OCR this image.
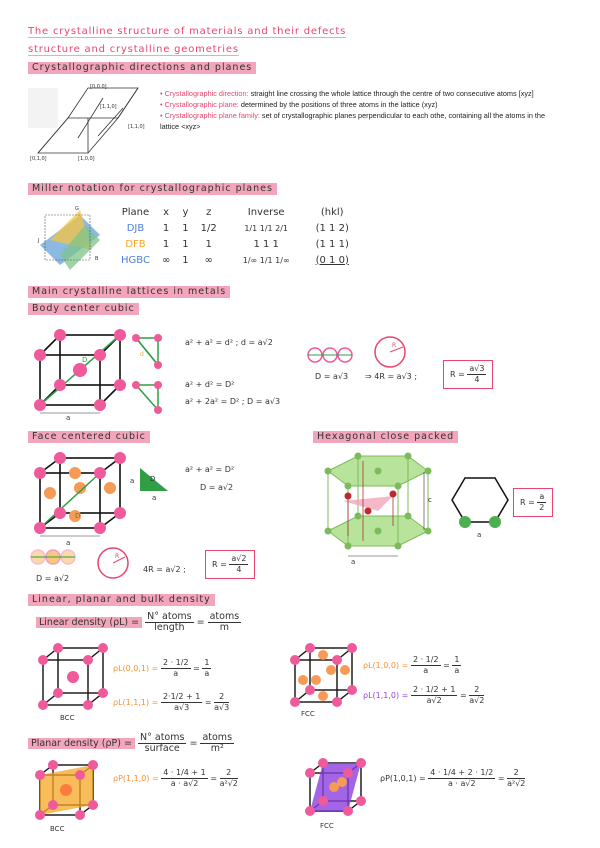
The crystalline structure of materials and their defects
structure and crystalline geometries
Crystallographic directions and planes
[0,0,0]
[1,1,0]
[1,1,0]
[0,1,0]	[1,0,0]
• Crystallographic direction: straight line crossing the whole lattice through the centre of two consecutive atoms [xyz]
• Crystallographic plane: determined by the positions of three atoms in the lattice (xyz)
• Crystallographic plane family: set of crystallographic planes perpendicular to each othe, containing all the atoms in the lattice <xyz>
Miller notation for crystallographic planes
G
J
B
Plane	x	y	z	Inverse	(hkl)
DJB	1	1	1/2	1/1 1/1 2/1	(1 1 2)
DFB	1	1	1	1 1 1	(1 1 1)
HGBC	∞	1	∞	1/∞ 1/1 1/∞	(0 1 0)
Main crystalline lattices in metals
Body center cubic
a
D
d
a² + a² = d² ; d = a√2
a² + d² = D²
a² + 2a² = D² ; D = a√3
R
D = a√3 ⇒ 4R = a√3 ;	$R = \frac{a√3}{4}$
Face centered cubic
D
a
a
a
D
a² + a² = D²
D = a√2
D = a√2
R
4R = a√2 ;
$R = \frac{a√2}{4}$
Hexagonal close packed
a
c
a
$R = \frac{a}{2}$
Linear, planar and bulk density
Linear density $(\rho L) = \frac{\text{N° atoms}}{\text{length}} = \frac{\text{atoms}}{m}$
BCC
$\rho L(0,0,1) = \frac{2 \cdot 1/2}{a} = \frac{1}{a}$
$\rho L(1,1,1) = \frac{2\cdot 1/2 + 1}{a√3} = \frac{2}{a√3}$
FCC
$\rho L(1,0,0) = \frac{2 \cdot 1/2}{a} = \frac{1}{a}$
$\rho L(1,1,0) = \frac{2 \cdot 1/2 + 1}{a√2} = \frac{2}{a√2}$
Planar density $(\rho P) = \frac{\text{N° atoms}}{\text{surface}} = \frac{\text{atoms}}{\text{m²}}$
BCC
$\rho P(1,1,0) = \frac{4 \cdot 1/4 + 1}{a \cdot a√2} = \frac{2}{\text{a²√2}}$
FCC
$\rho P(1,0,1) = \frac{4 \cdot 1/4 + 2 \cdot 1/2}{a \cdot a√2} = \frac{2}{\text{a²√2}}$
